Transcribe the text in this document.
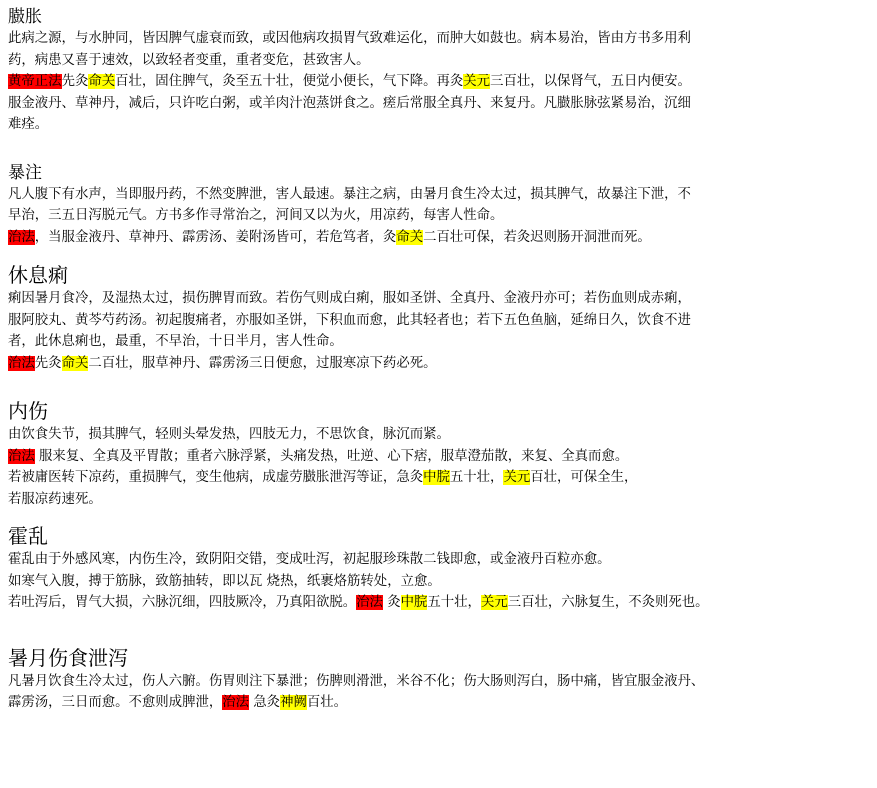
臌胀

此病之源，与水肿同，皆因脾气虚衰而致，或因他病攻损胃气致难运化，而肿大如鼓也。病本易治，皆由方书多用利

药，病患又喜于速效，以致轻者变重，重者变危，甚致害人。

黄帝正法先灸命关百壮，固住脾气，灸至五十壮，便觉小便长，气下降。再灸关元三百壮，以保肾气，五日内便安。

服金液丹、草神丹，减后，只许吃白粥，或羊肉汁泡蒸饼食之。瘥后常服全真丹、来复丹。凡臌胀脉弦紧易治，沉细

难痊。

暴注

凡人腹下有水声，当即服丹药，不然变脾泄，害人最速。暴注之病，由暑月食生冷太过，损其脾气，故暴注下泄，不

早治，三五日泻脱元气。方书多作寻常治之，河间又以为火，用凉药，每害人性命。

治法，当服金液丹、草神丹、霹雳汤、姜附汤皆可，若危笃者，灸命关二百壮可保，若灸迟则肠开洞泄而死。

休息痢

痢因暑月食冷，及湿热太过，损伤脾胃而致。若伤气则成白痢，服如圣饼、全真丹、金液丹亦可；若伤血则成赤痢，

服阿胶丸、黄芩芍药汤。初起腹痛者，亦服如圣饼，下积血而愈，此其轻者也；若下五色鱼脑，延绵日久，饮食不进

者，此休息痢也，最重，不早治，十日半月，害人性命。

治法先灸命关二百壮，服草神丹、霹雳汤三日便愈，过服寒凉下药必死。

内伤

由饮食失节，损其脾气，轻则头晕发热，四肢无力，不思饮食，脉沉而紧。

治法 服来复、全真及平胃散；重者六脉浮紧，头痛发热，吐逆、心下痞，服草澄茄散，来复、全真而愈。

若被庸医转下凉药，重损脾气，变生他病，成虚劳臌胀泄泻等证，急灸中脘五十壮，关元百壮，可保全生，

若服凉药速死。

霍乱

霍乱由于外感风寒，内伤生冷，致阴阳交错，变成吐泻，初起服珍珠散二钱即愈，或金液丹百粒亦愈。

如寒气入腹，搏于筋脉，致筋抽转，即以瓦 烧热，纸裹烙筋转处，立愈。

若吐泻后，胃气大损，六脉沉细，四肢厥冷，乃真阳欲脱。治法 灸中脘五十壮，关元三百壮，六脉复生，不灸则死也。

暑月伤食泄泻

凡暑月饮食生冷太过，伤人六腑。伤胃则注下暴泄；伤脾则滑泄，米谷不化；伤大肠则泻白，肠中痛，皆宜服金液丹、

霹雳汤，三日而愈。不愈则成脾泄，治法 急灸神阙百壮。
